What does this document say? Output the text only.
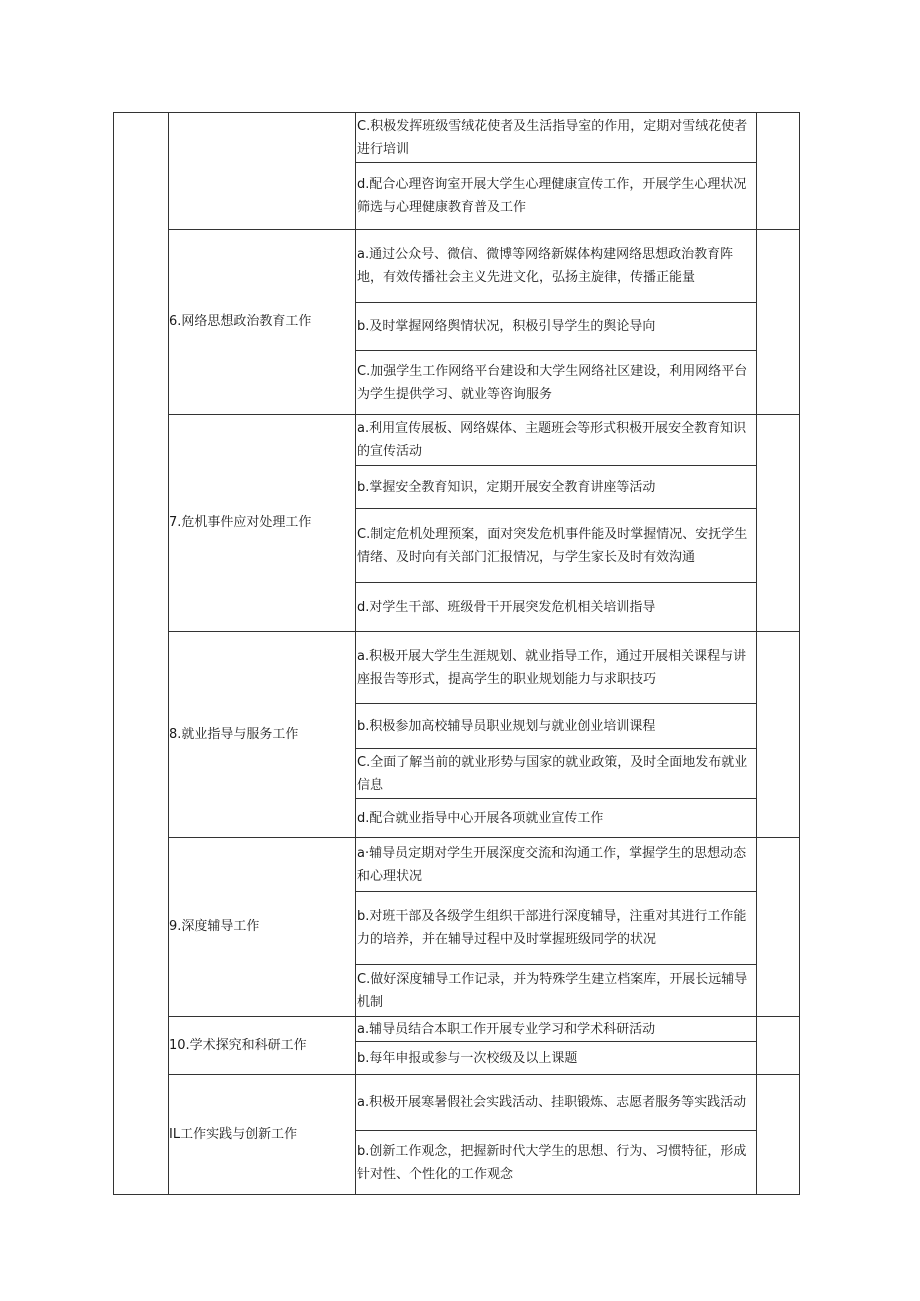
C.积极发挥班级雪绒花使者及生活指导室的作用，定期对雪绒花使者进行培训
d.配合心理咨询室开展大学生心理健康宣传工作，开展学生心理状况筛选与心理健康教育普及工作	

	6.网络思想政治教育工作	a.通过公众号、微信、微博等网络新媒体构建网络思想政治教育阵地，有效传播社会主义先进文化，弘扬主旋律，传播正能量
b.及时掌握网络舆情状况，积极引导学生的舆论导向
C.加强学生工作网络平台建设和大学生网络社区建设，利用网络平台为学生提供学习、就业等咨询服务	

	7.危机事件应对处理工作	a.利用宣传展板、网络媒体、主题班会等形式积极开展安全教育知识的宣传活动
b.掌握安全教育知识，定期开展安全教育讲座等活动
C.制定危机处理预案，面对突发危机事件能及时掌握情况、安抚学生情绪、及时向有关部门汇报情况，与学生家长及时有效沟通
d.对学生干部、班级骨干开展突发危机相关培训指导	

	8.就业指导与服务工作	a.积极开展大学生生涯规划、就业指导工作，通过开展相关课程与讲座报告等形式，提高学生的职业规划能力与求职技巧
b.积极参加高校辅导员职业规划与就业创业培训课程
C.全面了解当前的就业形势与国家的就业政策，及时全面地发布就业信息
d.配合就业指导中心开展各项就业宣传工作	

	9.深度辅导工作	a·辅导员定期对学生开展深度交流和沟通工作，掌握学生的思想动态和心理状况
b.对班干部及各级学生组织干部进行深度辅导，注重对其进行工作能力的培养，并在辅导过程中及时掌握班级同学的状况
C.做好深度辅导工作记录，并为特殊学生建立档案库，开展长远辅导机制	

	10.学术探究和科研工作	a.辅导员结合本职工作开展专业学习和学术科研活动
b.每年申报或参与一次校级及以上课题	

	IL工作实践与创新工作	a.积极开展寒暑假社会实践活动、挂职锻炼、志愿者服务等实践活动
b.创新工作观念，把握新时代大学生的思想、行为、习惯特征，形成针对性、个性化的工作观念	
